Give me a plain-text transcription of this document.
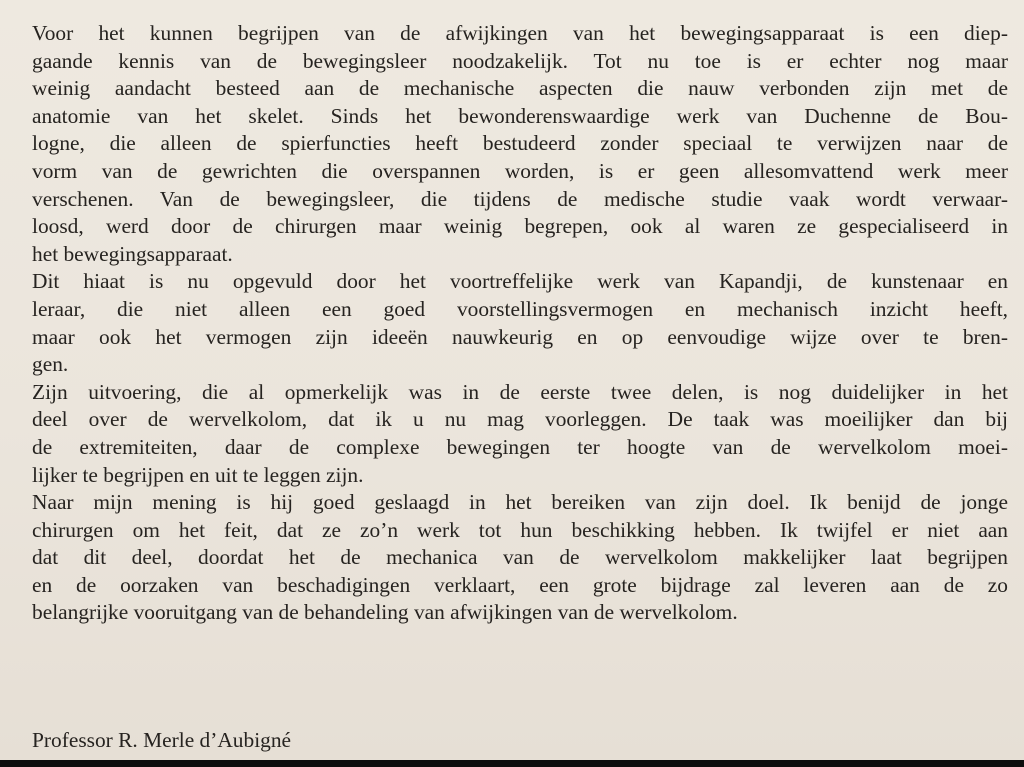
Voor het kunnen begrijpen van de afwijkingen van het bewegingsapparaat is een diep-
gaande kennis van de bewegingsleer noodzakelijk. Tot nu toe is er echter nog maar
weinig aandacht besteed aan de mechanische aspecten die nauw verbonden zijn met de
anatomie van het skelet. Sinds het bewonderenswaardige werk van Duchenne de Bou-
logne, die alleen de spierfuncties heeft bestudeerd zonder speciaal te verwijzen naar de
vorm van de gewrichten die overspannen worden, is er geen allesomvattend werk meer
verschenen. Van de bewegingsleer, die tijdens de medische studie vaak wordt verwaar-
loosd, werd door de chirurgen maar weinig begrepen, ook al waren ze gespecialiseerd in
het bewegingsapparaat.

Dit hiaat is nu opgevuld door het voortreffelijke werk van Kapandji, de kunstenaar en
leraar, die niet alleen een goed voorstellingsvermogen en mechanisch inzicht heeft,
maar ook het vermogen zijn ideeën nauwkeurig en op eenvoudige wijze over te bren-
gen.

Zijn uitvoering, die al opmerkelijk was in de eerste twee delen, is nog duidelijker in het
deel over de wervelkolom, dat ik u nu mag voorleggen. De taak was moeilijker dan bij
de extremiteiten, daar de complexe bewegingen ter hoogte van de wervelkolom moei-
lijker te begrijpen en uit te leggen zijn.

Naar mijn mening is hij goed geslaagd in het bereiken van zijn doel. Ik benijd de jonge
chirurgen om het feit, dat ze zo’n werk tot hun beschikking hebben. Ik twijfel er niet aan
dat dit deel, doordat het de mechanica van de wervelkolom makkelijker laat begrijpen
en de oorzaken van beschadigingen verklaart, een grote bijdrage zal leveren aan de zo
belangrijke vooruitgang van de behandeling van afwijkingen van de wervelkolom.

Professor R. Merle d’Aubigné
